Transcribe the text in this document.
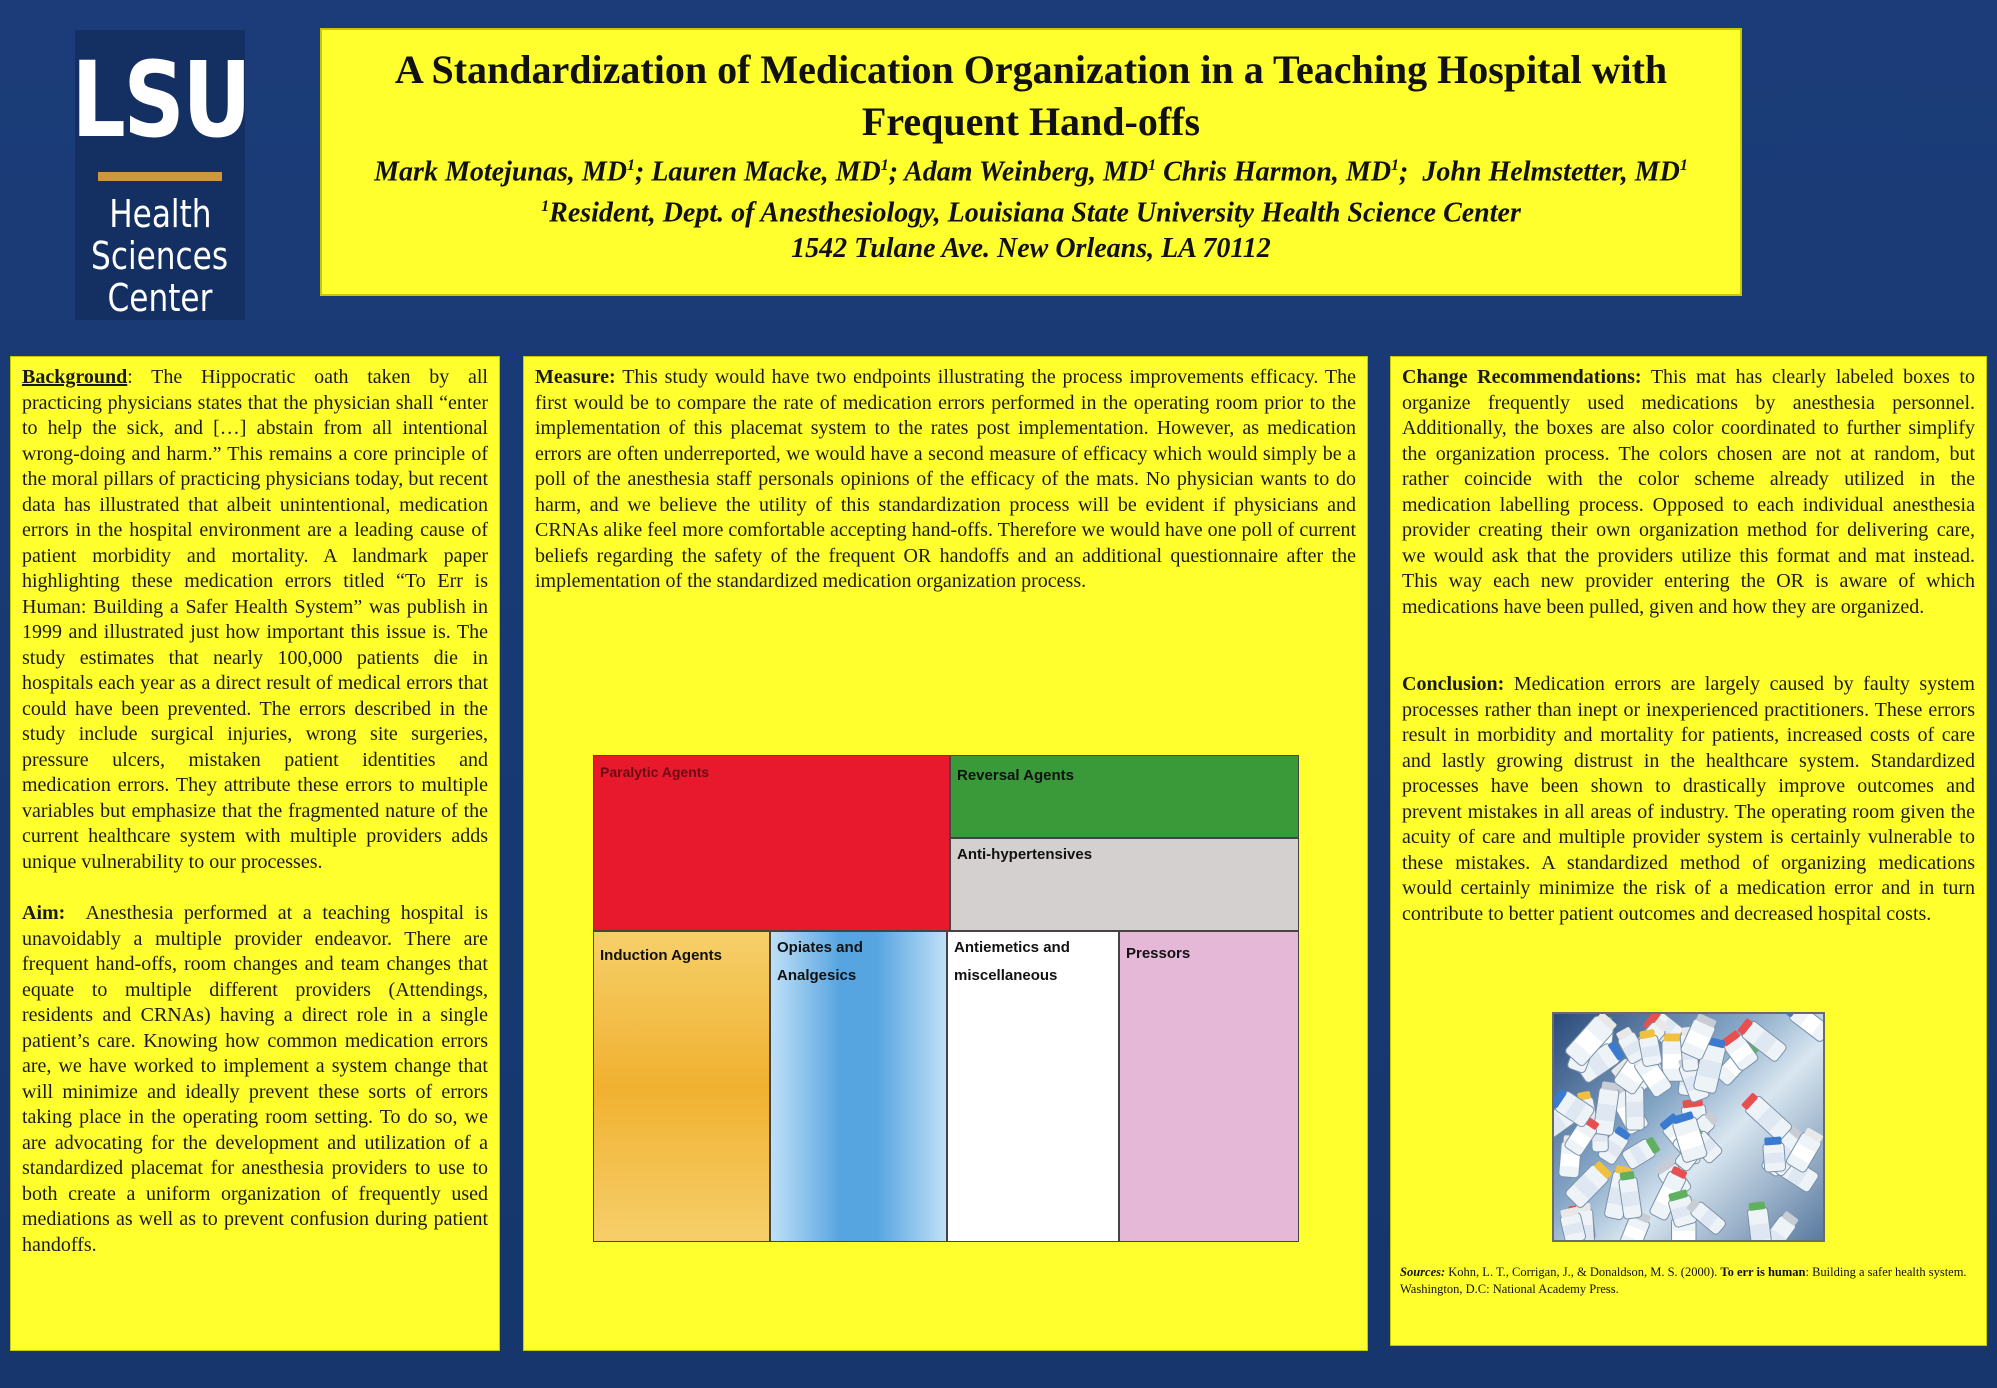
LSU
Health
Sciences
Center
A Standardization of Medication Organization in a Teaching Hospital with
Frequent Hand-offs
Mark Motejunas, $MD^1$; Lauren Macke, $MD^1$; Adam Weinberg, $MD^1$ Chris Harmon, $MD^1$;  John Helmstetter, $MD^1$
$^1$Resident, Dept. of Anesthesiology, Louisiana State University Health Science Center
1542 Tulane Ave. New Orleans, LA 70112

Background: The Hippocratic oath taken by all practicing physicians states that the physician shall “enter to help the sick, and […] abstain from all intentional wrong-doing and harm.” This remains a core principle of the moral pillars of practicing physicians today, but recent data has illustrated that albeit unintentional, medication errors in the hospital environment are a leading cause of patient morbidity and mortality. A landmark paper highlighting these medication errors titled “To Err is Human: Building a Safer Health System” was publish in 1999 and illustrated just how important this issue is. The study estimates that nearly 100,000 patients die in hospitals each year as a direct result of medical errors that could have been prevented. The errors described in the study include surgical injuries, wrong site surgeries, pressure ulcers, mistaken patient identities and medication errors. They attribute these errors to multiple variables but emphasize that the fragmented nature of the current healthcare system with multiple providers adds unique vulnerability to our processes.

Aim:  Anesthesia performed at a teaching hospital is unavoidably a multiple provider endeavor. There are frequent hand-offs, room changes and team changes that equate to multiple different providers (Attendings, residents and CRNAs) having a direct role in a single patient’s care. Knowing how common medication errors are, we have worked to implement a system change that will minimize and ideally prevent these sorts of errors taking place in the operating room setting. To do so, we are advocating for the development and utilization of a standardized placemat for anesthesia providers to use to both create a uniform organization of frequently used mediations as well as to prevent confusion during patient handoffs.

Measure: This study would have two endpoints illustrating the process improvements efficacy. The first would be to compare the rate of medication errors performed in the operating room prior to the implementation of this placemat system to the rates post implementation. However, as medication errors are often underreported, we would have a second measure of efficacy which would simply be a poll of the anesthesia staff personals opinions of the efficacy of the mats. No physician wants to do harm, and we believe the utility of this standardization process will be evident if physicians and CRNAs alike feel more comfortable accepting hand-offs. Therefore we would have one poll of current beliefs regarding the safety of the frequent OR handoffs and an additional questionnaire after the implementation of the standardized medication organization process.

Paralytic Agents	Reversal Agents
Anti-hypertensives
Induction Agents	Opiates and
Analgesics
Antiemetics and
miscellaneous
Pressors

Change Recommendations: This mat has clearly labeled boxes to organize frequently used medications by anesthesia personnel. Additionally, the boxes are also color coordinated to further simplify the organization process. The colors chosen are not at random, but rather coincide with the color scheme already utilized in the medication labelling process. Opposed to each individual anesthesia provider creating their own organization method for delivering care, we would ask that the providers utilize this format and mat instead. This way each new provider entering the OR is aware of which medications have been pulled, given and how they are organized.

Conclusion: Medication errors are largely caused by faulty system processes rather than inept or inexperienced practitioners. These errors result in morbidity and mortality for patients, increased costs of care and lastly growing distrust in the healthcare system. Standardized processes have been shown to drastically improve outcomes and prevent mistakes in all areas of industry. The operating room given the acuity of care and multiple provider system is certainly vulnerable to these mistakes. A standardized method of organizing medications would certainly minimize the risk of a medication error and in turn contribute to better patient outcomes and decreased hospital costs.

Sources: Kohn, L. T., Corrigan, J., & Donaldson, M. S. (2000). To err is human: Building a safer health system. Washington, D.C: National Academy Press.
